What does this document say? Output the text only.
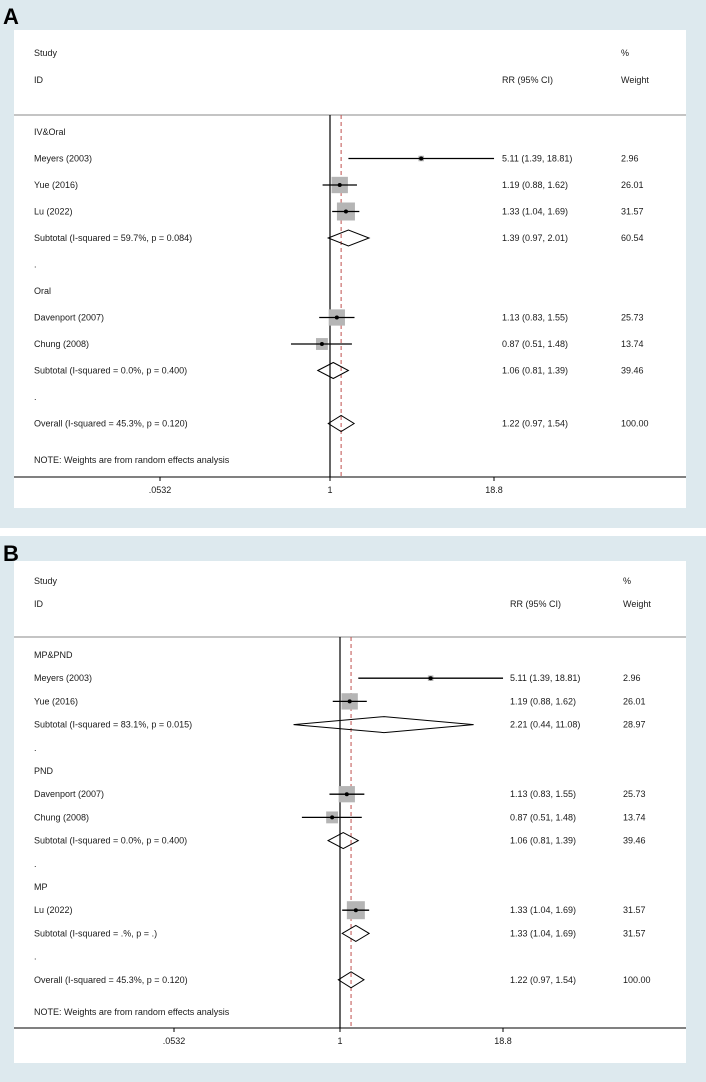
A
B
Study
ID	RR (95% CI)
%
Weight
IV&Oral
Meyers (2003)	5.11 (1.39, 18.81)	2.96
Yue (2016)	1.19 (0.88, 1.62)	26.01
Lu (2022)	1.33 (1.04, 1.69)	31.57
Subtotal (I-squared = 59.7%, p = 0.084)	1.39 (0.97, 2.01)	60.54
.
Oral
Davenport (2007)	1.13 (0.83, 1.55)	25.73
Chung (2008)	0.87 (0.51, 1.48)	13.74
Subtotal (I-squared = 0.0%, p = 0.400)	1.06 (0.81, 1.39)	39.46
.
Overall (I-squared = 45.3%, p = 0.120)	1.22 (0.97, 1.54)	100.00
NOTE: Weights are from random effects analysis
.0532	1	18.8
Study
ID	RR (95% CI)
%
Weight
MP&PND
Meyers (2003)	5.11 (1.39, 18.81)	2.96
Yue (2016)	1.19 (0.88, 1.62)	26.01
Subtotal (I-squared = 83.1%, p = 0.015)	2.21 (0.44, 11.08)	28.97
.
PND
Davenport (2007)	1.13 (0.83, 1.55)	25.73
Chung (2008)	0.87 (0.51, 1.48)	13.74
Subtotal (I-squared = 0.0%, p = 0.400)	1.06 (0.81, 1.39)	39.46
.
MP
Lu (2022)	1.33 (1.04, 1.69)	31.57
Subtotal (I-squared = .%, p = .)	1.33 (1.04, 1.69)	31.57
.
Overall (I-squared = 45.3%, p = 0.120)	1.22 (0.97, 1.54)	100.00
NOTE: Weights are from random effects analysis
.0532	1	18.8
